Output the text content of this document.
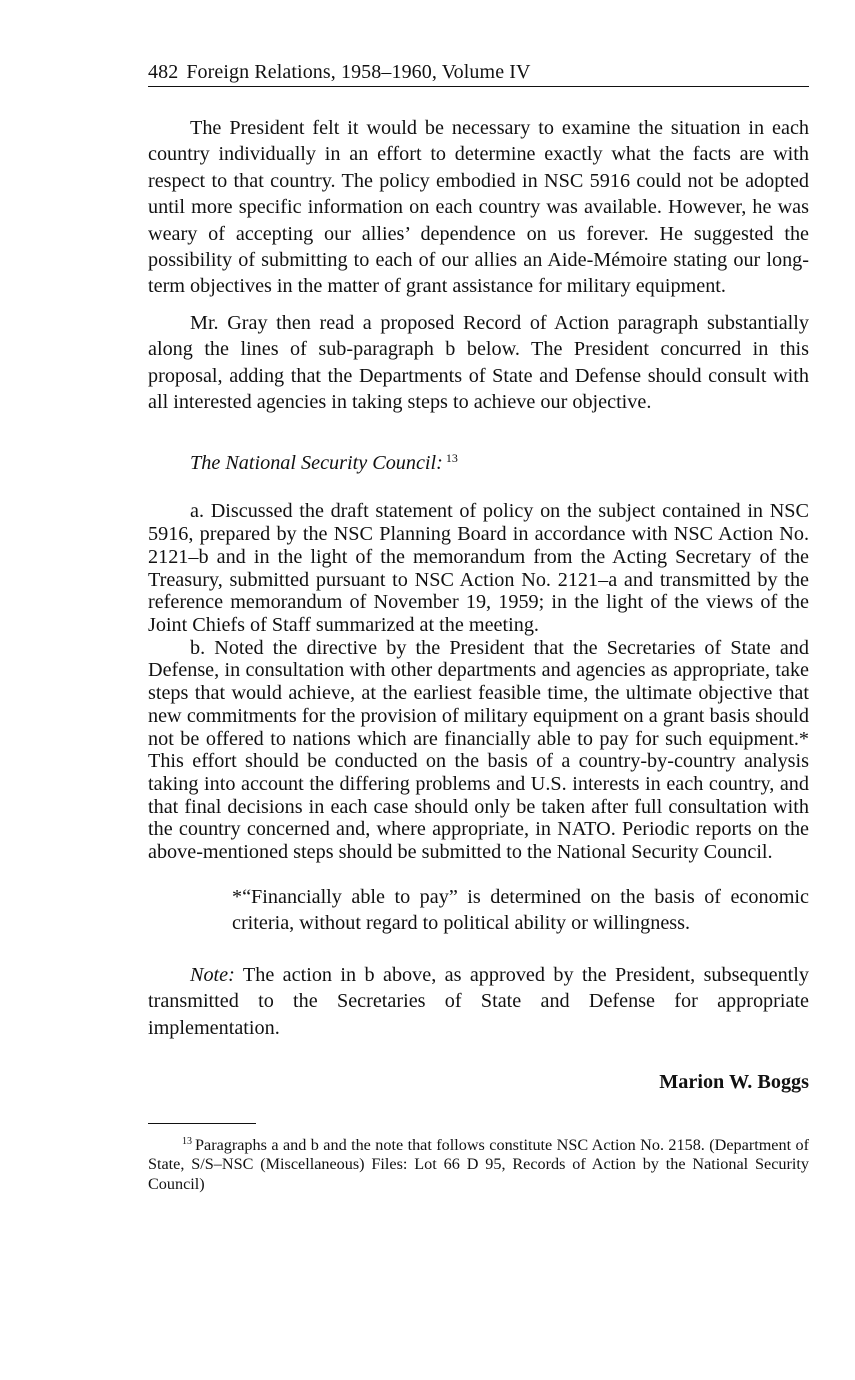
482 Foreign Relations, 1958–1960, Volume IV

The President felt it would be necessary to examine the situation in each country individually in an effort to determine exactly what the facts are with respect to that country. The policy embodied in NSC 5916 could not be adopted until more specific information on each country was available. However, he was weary of accepting our allies’ dependence on us forever. He suggested the possibility of submitting to each of our allies an Aide-Mémoire stating our long-term objectives in the matter of grant assistance for military equipment.

Mr. Gray then read a proposed Record of Action paragraph substantially along the lines of sub-paragraph b below. The President concurred in this proposal, adding that the Departments of State and Defense should consult with all interested agencies in taking steps to achieve our objective.

The National Security Council: $^{13}$

a. Discussed the draft statement of policy on the subject contained in NSC 5916, prepared by the NSC Planning Board in accordance with NSC Action No. 2121–b and in the light of the memorandum from the Acting Secretary of the Treasury, submitted pursuant to NSC Action No. 2121–a and transmitted by the reference memorandum of November 19, 1959; in the light of the views of the Joint Chiefs of Staff summarized at the meeting.

b. Noted the directive by the President that the Secretaries of State and Defense, in consultation with other departments and agencies as appropriate, take steps that would achieve, at the earliest feasible time, the ultimate objective that new commitments for the provision of military equipment on a grant basis should not be offered to nations which are financially able to pay for such equipment.* This effort should be conducted on the basis of a country-by-country analysis taking into account the differing problems and U.S. interests in each country, and that final decisions in each case should only be taken after full consultation with the country concerned and, where appropriate, in NATO. Periodic reports on the above-mentioned steps should be submitted to the National Security Council.

*“Financially able to pay” is determined on the basis of economic criteria, without regard to political ability or willingness.

Note: The action in b above, as approved by the President, subsequently transmitted to the Secretaries of State and Defense for appropriate implementation.

Marion W. Boggs
$^{13}$ Paragraphs a and b and the note that follows constitute NSC Action No. 2158. (Department of State, S/S–NSC (Miscellaneous) Files: Lot 66 D 95, Records of Action by the National Security Council)
